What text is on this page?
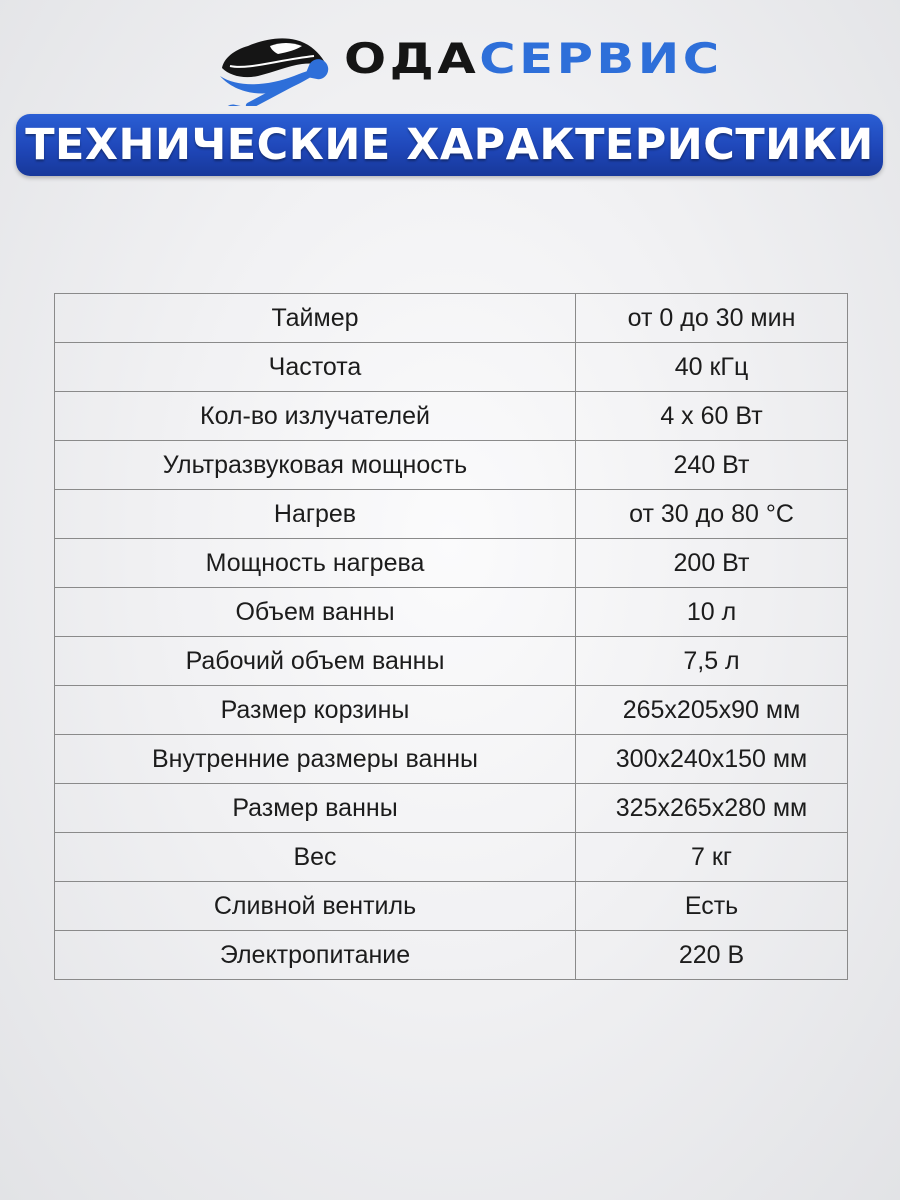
ОДАСЕРВИС
ТЕХНИЧЕСКИЕ ХАРАКТЕРИСТИКИ
Таймер	от 0 до 30 мин
Частота	40 кГц
Кол-во излучателей	4 х 60 Вт
Ультразвуковая мощность	240 Вт
Нагрев	от 30 до 80 °С
Мощность нагрева	200 Вт
Объем ванны	10 л
Рабочий объем ванны	7,5 л
Размер корзины	265х205х90 мм
Внутренние размеры ванны	300х240х150 мм
Размер ванны	325х265х280 мм
Вес	7 кг
Сливной вентиль	Есть
Электропитание	220 В
